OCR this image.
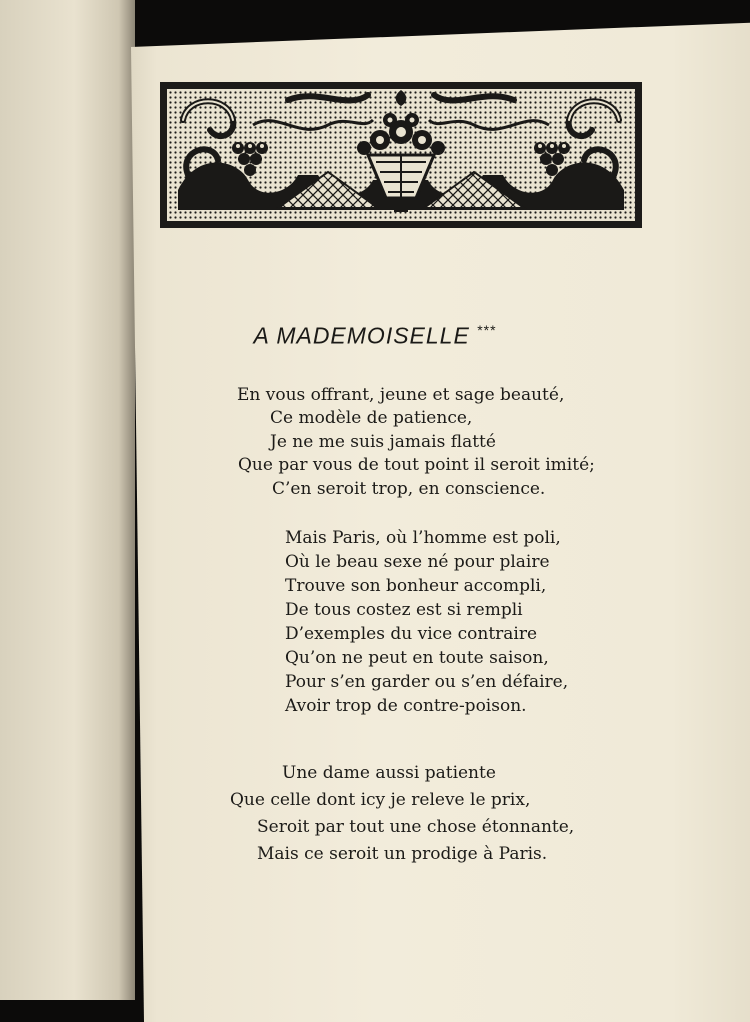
A MADEMOISELLE ***
En vous offrant, jeune et sage beauté,
Ce modèle de patience,
Je ne me suis jamais flatté
Que par vous de tout point il seroit imité;
C’en seroit trop, en conscience.
Mais Paris, où l’homme est poli,
Où le beau sexe né pour plaire
Trouve son bonheur accompli,
De tous costez est si rempli
D’exemples du vice contraire
Qu’on ne peut en toute saison,
Pour s’en garder ou s’en défaire,
Avoir trop de contre-poison.
Une dame aussi patiente
Que celle dont icy je releve le prix,
Seroit par tout une chose étonnante,
Mais ce seroit un prodige à Paris.
